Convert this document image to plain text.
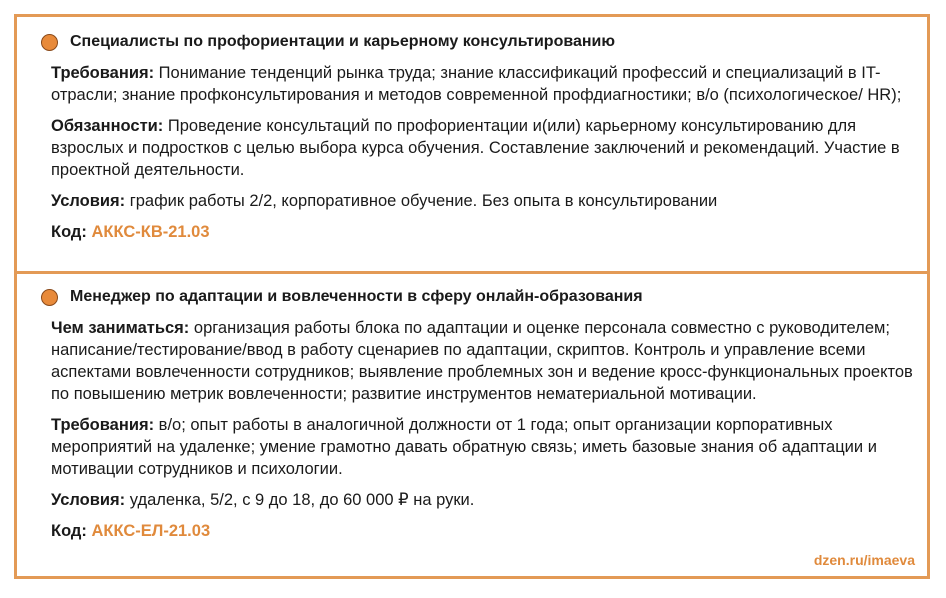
Специалисты по профориентации и карьерному консультированию
Требования: Понимание тенденций рынка труда; знание классификаций профессий и специализаций в IT-отрасли; знание профконсультирования и методов современной профдиагностики; в/о (психологическое/ HR);
Обязанности: Проведение консультаций по профориентации и(или) карьерному консультированию для взрослых и подростков с целью выбора курса обучения. Составление заключений и рекомендаций. Участие в проектной деятельности.
Условия: график работы 2/2, корпоративное обучение. Без опыта в консультировании
Код: АККС-КВ-21.03
Менеджер по адаптации и вовлеченности в сферу онлайн-образования
Чем заниматься: организация работы блока по адаптации и оценке персонала совместно с руководителем; написание/тестирование/ввод в работу сценариев по адаптации, скриптов. Контроль и управление всеми аспектами вовлеченности сотрудников; выявление проблемных зон и ведение кросс-функциональных проектов по повышению метрик вовлеченности; развитие инструментов нематериальной мотивации.
Требования: в/о; опыт работы в аналогичной должности от 1 года; опыт организации корпоративных мероприятий на удаленке; умение грамотно давать обратную связь; иметь базовые знания об адаптации и мотивации сотрудников и психологии.
Условия: удаленка, 5/2, с 9 до 18, до 60 000 ₽ на руки.
Код: АККС-ЕЛ-21.03
dzen.ru/imaeva
